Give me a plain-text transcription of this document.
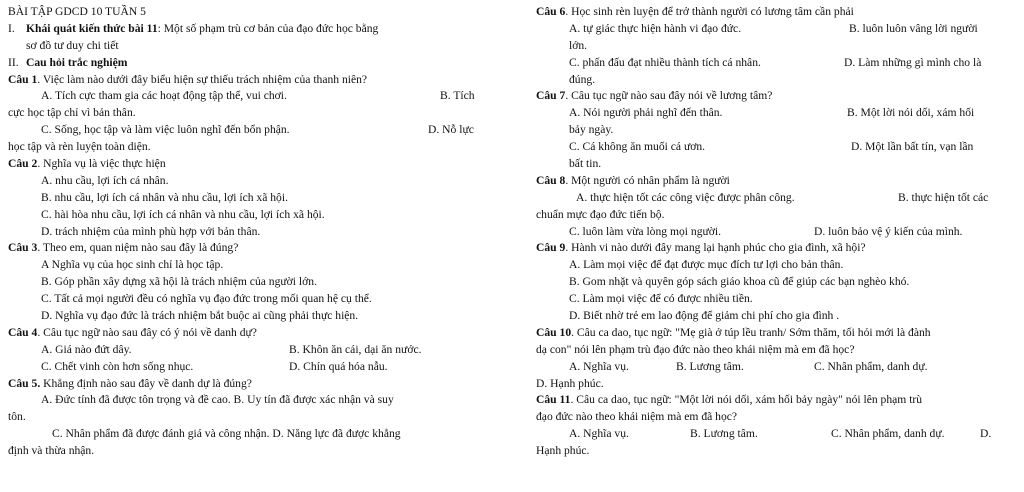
BÀI TẬP GDCD 10 TUẦN 5
I. Khái quát kiến thức bài 11: Một số phạm trù cơ bản của đạo đức học bằng
sơ đồ tư duy chi tiết
II. Cau hỏi trắc nghiệm
Câu 1. Việc làm nào dưới đây biểu hiện sự thiếu trách nhiệm của thanh niên?
A. Tích cực tham gia các hoạt động tập thể, vui chơi.	B. Tích
cực học tập chỉ vì bản thân.
C. Sống, học tập và làm việc luôn nghĩ đến bổn phận.	D. Nỗ lực
học tập và rèn luyện toàn diện.
Câu 2. Nghĩa vụ là việc thực hiện
A. nhu cầu, lợi ích cá nhân.
B. nhu cầu, lợi ích cá nhân và nhu cầu, lợi ích xã hội.
C. hài hòa nhu cầu, lợi ích cá nhân và nhu cầu, lợi ích xã hội.
D. trách nhiệm của mình phù hợp với bản thân.
Câu 3. Theo em, quan niệm nào sau đây là đúng?
A Nghĩa vụ của học sinh chỉ là học tập.
B. Góp phần xây dựng xã hội là trách nhiệm của người lớn.
C. Tất cả mọi người đều có nghĩa vụ đạo đức trong mối quan hệ cụ thể.
D. Nghĩa vụ đạo đức là trách nhiệm bắt buộc ai cũng phải thực hiện.
Câu 4. Câu tục ngữ nào sau đây có ý nói về danh dự?
A. Giá nào đứt dây.	B. Khôn ăn cái, dại ăn nước.
C. Chết vinh còn hơn sống nhục.	D. Chín quá hóa nẫu.
Câu 5. Khẳng định nào sau đây về danh dự là đúng?
A. Đức tính đã được tôn trọng và đề cao. B. Uy tín đã được xác nhận và suy
tôn.
C. Nhân phẩm đã được đánh giá và công nhận. D. Năng lực đã được khẳng
định và thừa nhận.
Câu 6. Học sinh rèn luyện để trở thành người có lương tâm cần phải
A. tự giác thực hiện hành vi đạo đức.	B. luôn luôn vâng lời người
lớn.
C. phấn đấu đạt nhiều thành tích cá nhân.	D. Làm những gì mình cho là
đúng.
Câu 7. Câu tục ngữ nào sau đây nói về lương tâm?
A. Nói người phải nghĩ đến thân.	B. Một lời nói dối, xám hối
bảy ngày.
C. Cá không ăn muối cá ươn.	D. Một lần bất tín, vạn lần
bất tin.
Câu 8. Một người có nhân phẩm là người
A. thực hiện tốt các công việc được phân công.	B. thực hiện tốt các
chuẩn mực đạo đức tiến bộ.
C. luôn làm vừa lòng mọi người.	D. luôn bảo vệ ý kiến của mình.
Câu 9. Hành vi nào dưới đây mang lại hạnh phúc cho gia đình, xã hội?
A. Làm mọi việc để đạt được mục đích tư lợi cho bản thân.
B. Gom nhặt và quyên góp sách giáo khoa cũ để giúp các bạn nghèo khó.
C. Làm mọi việc để có được nhiều tiền.
D. Biết nhờ trẻ em lao động để giảm chi phí cho gia đình .
Câu 10. Câu ca dao, tục ngữ: "Mẹ già ở túp lều tranh/ Sớm thăm, tối hỏi mới là đành
dạ con" nói lên phạm trù đạo đức nào theo khái niệm mà em đã học?
A. Nghĩa vụ.	B. Lương tâm.	C. Nhân phẩm, danh dự.
D. Hạnh phúc.
Câu 11. Câu ca dao, tục ngữ: "Một lời nói dối, xám hối bảy ngày" nói lên phạm trù
đạo đức nào theo khái niệm mà em đã học?
A. Nghĩa vụ.	B. Lương tâm.	C. Nhân phẩm, danh dự.	D.
Hạnh phúc.
